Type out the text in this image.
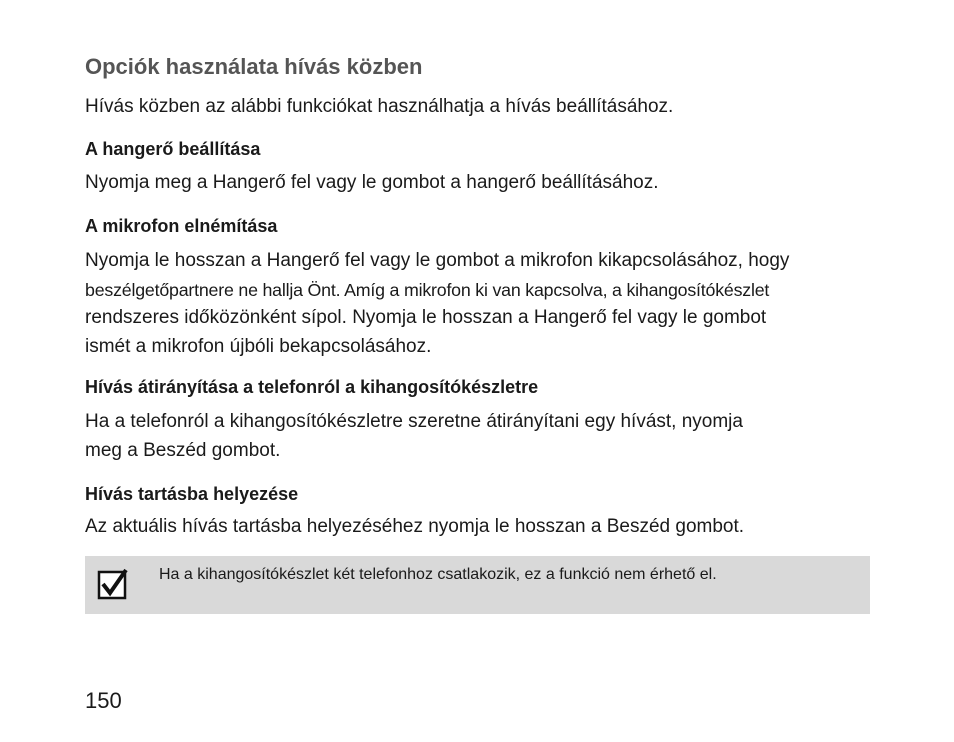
Opciók használata hívás közben
Hívás közben az alábbi funkciókat használhatja a hívás beállításához.
A hangerő beállítása
Nyomja meg a Hangerő fel vagy le gombot a hangerő beállításához.
A mikrofon elnémítása
Nyomja le hosszan a Hangerő fel vagy le gombot a mikrofon kikapcsolásához, hogy
beszélgetőpartnere ne hallja Önt. Amíg a mikrofon ki van kapcsolva, a kihangosítókészlet
rendszeres időközönként sípol. Nyomja le hosszan a Hangerő fel vagy le gombot
ismét a mikrofon újbóli bekapcsolásához.
Hívás átirányítása a telefonról a kihangosítókészletre
Ha a telefonról a kihangosítókészletre szeretne átirányítani egy hívást, nyomja
meg a Beszéd gombot.
Hívás tartásba helyezése
Az aktuális hívás tartásba helyezéséhez nyomja le hosszan a Beszéd gombot.
Ha a kihangosítókészlet két telefonhoz csatlakozik, ez a funkció nem érhető el.
150
